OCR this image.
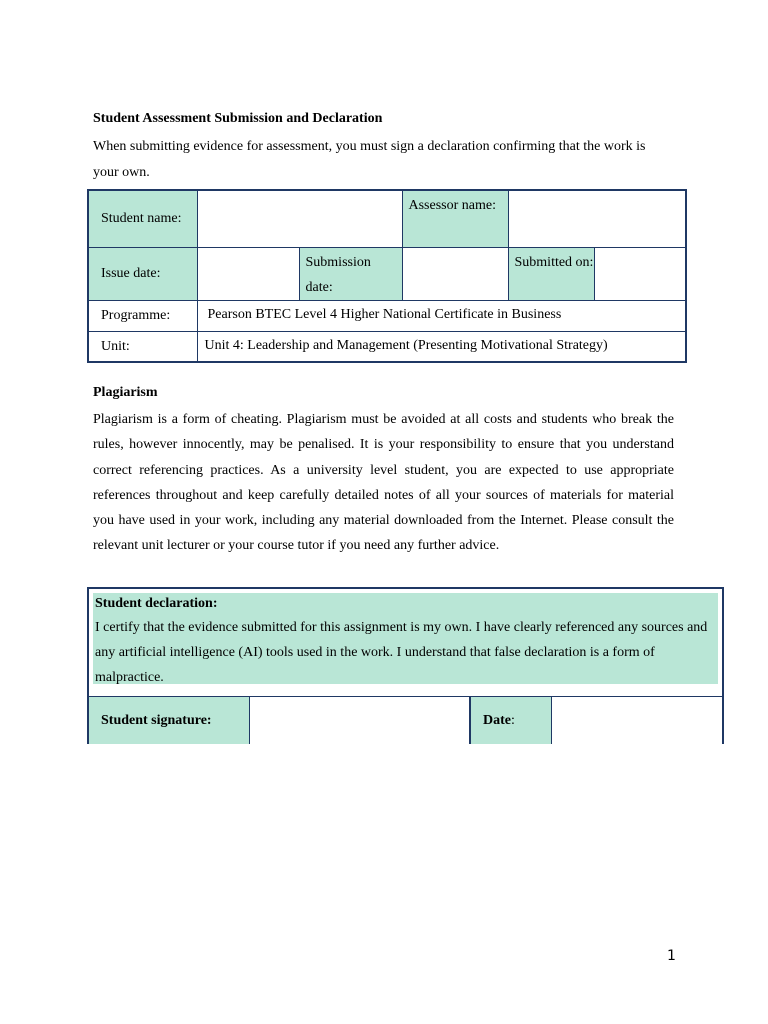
Student Assessment Submission and Declaration

When submitting evidence for assessment, you must sign a declaration confirming that the work is your own.

Student name:			Assessor name:		
Issue date:		Submission date:		Submitted on:	
Programme:	Pearson BTEC Level 4 Higher National Certificate in Business				
Unit:	Unit 4: Leadership and Management (Presenting Motivational Strategy)				
Plagiarism

Plagiarism is a form of cheating. Plagiarism must be avoided at all costs and students who break the rules, however innocently, may be penalised. It is your responsibility to ensure that you understand correct referencing practices. As a university level student, you are expected to use appropriate references throughout and keep carefully detailed notes of all your sources of materials for material you have used in your work, including any material downloaded from the Internet. Please consult the relevant unit lecturer or your course tutor if you need any further advice.

Student declaration:
I certify that the evidence submitted for this assignment is my own. I have clearly referenced any sources and any artificial intelligence (AI) tools used in the work. I understand that false declaration is a form of malpractice.
Student signature:	Date:
1
